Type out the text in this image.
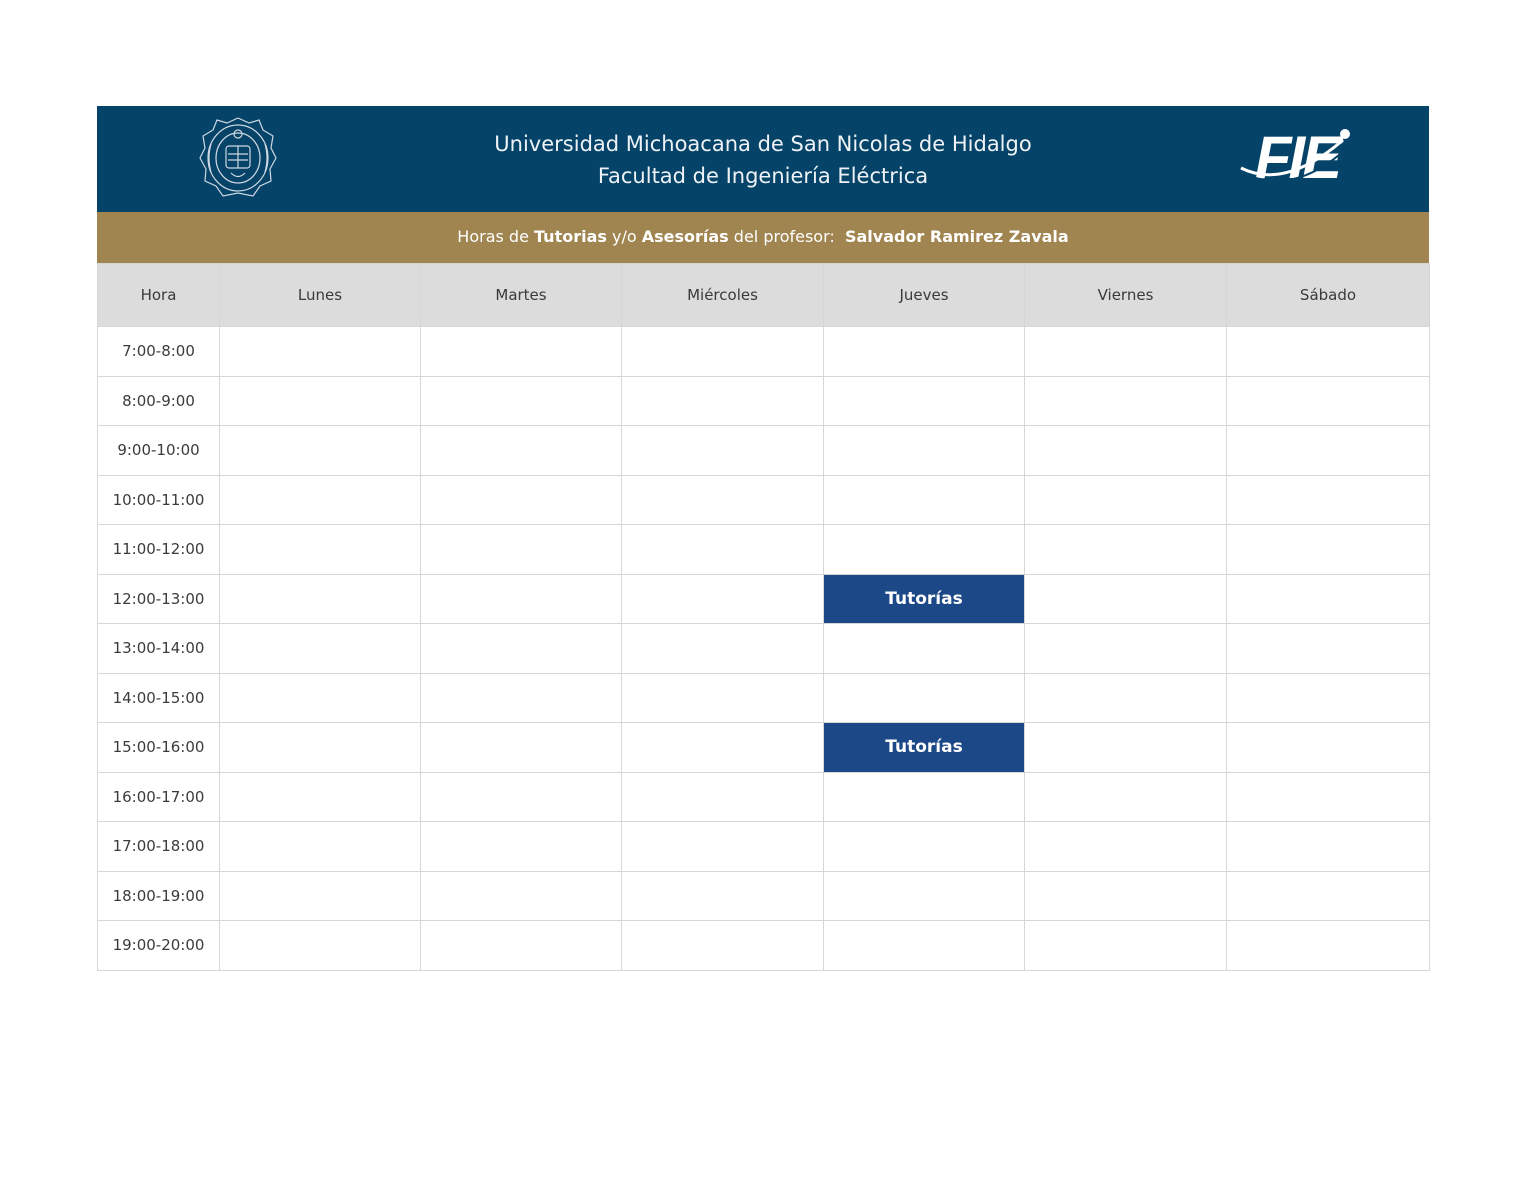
Universidad Michoacana de San Nicolas de Hidalgo
Facultad de Ingeniería Eléctrica	FIE
Horas de Tutorias y/o Asesorías del profesor:  Salvador Ramirez Zavala
Hora	Lunes	Martes	Miércoles	Jueves	Viernes	Sábado
7:00-8:00						
8:00-9:00						
9:00-10:00						
10:00-11:00						
11:00-12:00						
12:00-13:00				Tutorías		
13:00-14:00						
14:00-15:00						
15:00-16:00				Tutorías		
16:00-17:00						
17:00-18:00						
18:00-19:00						
19:00-20:00						
